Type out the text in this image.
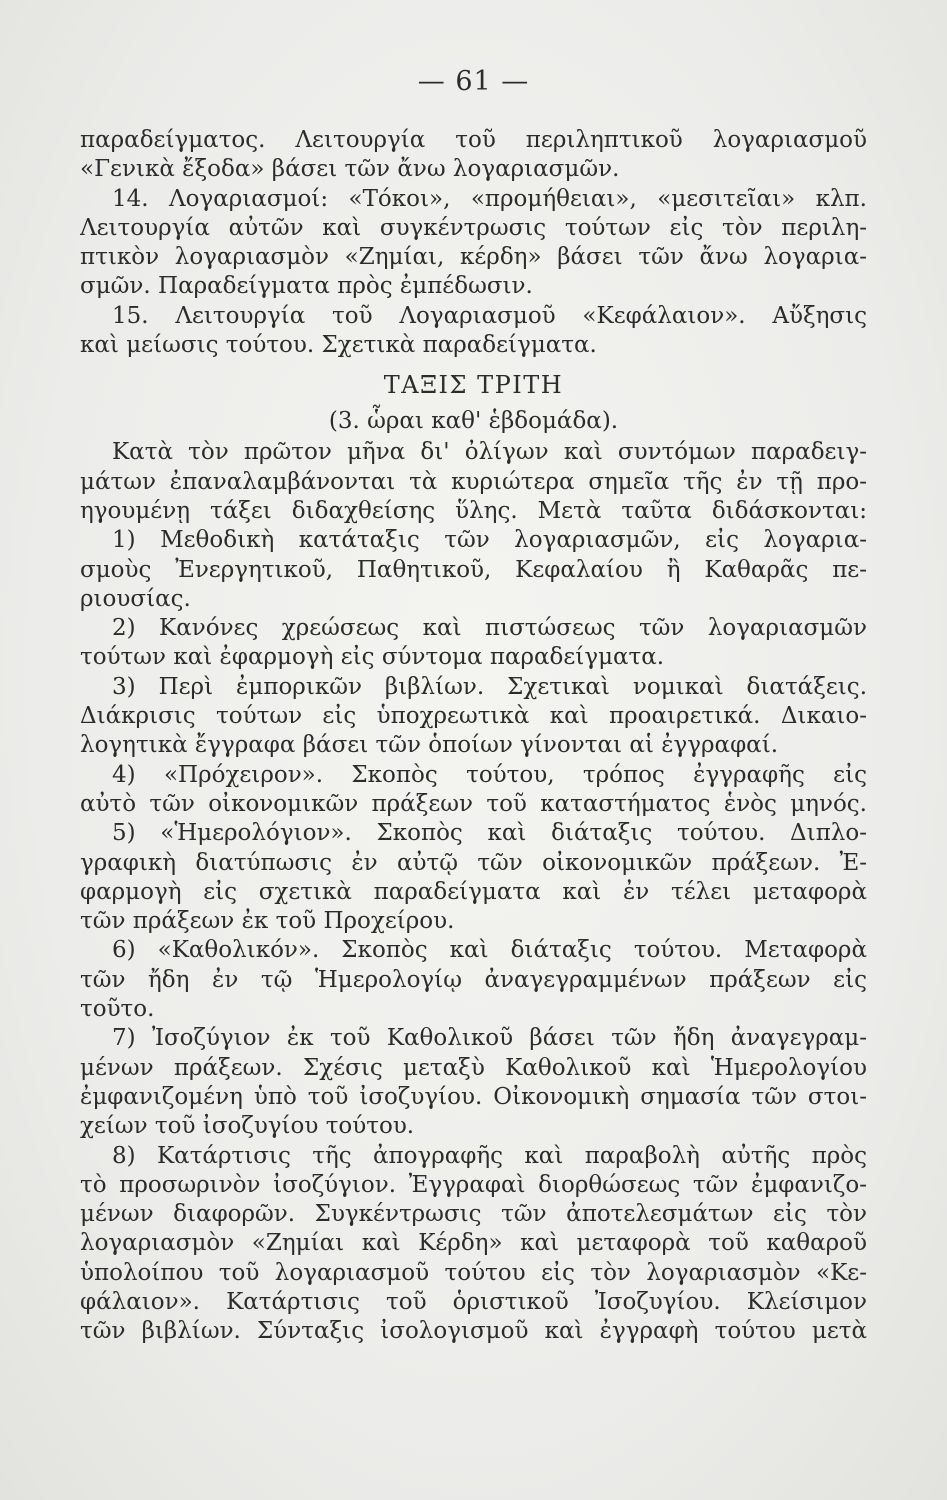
— 61 —
παραδείγματος. Λειτουργία τοῦ περιληπτικοῦ λογαριασμοῦ
«Γενικὰ ἔξοδα» βάσει τῶν ἄνω λογαριασμῶν.
14. Λογαριασμοί: «Τόκοι», «προμήθειαι», «μεσιτεῖαι» κλπ.
Λειτουργία αὐτῶν καὶ συγκέντρωσις τούτων εἰς τὸν περιλη-
πτικὸν λογαριασμὸν «Ζημίαι, κέρδη» βάσει τῶν ἄνω λογαρια-
σμῶν. Παραδείγματα πρὸς ἐμπέδωσιν.
15. Λειτουργία τοῦ Λογαριασμοῦ «Κεφάλαιον». Αὔξησις
καὶ μείωσις τούτου. Σχετικὰ παραδείγματα.
ΤΑΞΙΣ ΤΡΙΤΗ
(3. ὧραι καθ' ἑβδομάδα).
Κατὰ τὸν πρῶτον μῆνα δι' ὀλίγων καὶ συντόμων παραδειγ-
μάτων ἐπαναλαμβάνονται τὰ κυριώτερα σημεῖα τῆς ἐν τῇ προ-
ηγουμένῃ τάξει διδαχθείσης ὕλης. Μετὰ ταῦτα διδάσκονται:
1) Μεθοδικὴ κατάταξις τῶν λογαριασμῶν, εἰς λογαρια-
σμοὺς Ἐνεργητικοῦ, Παθητικοῦ, Κεφαλαίου ἢ Καθαρᾶς πε-
ριουσίας.
2) Κανόνες χρεώσεως καὶ πιστώσεως τῶν λογαριασμῶν
τούτων καὶ ἐφαρμογὴ εἰς σύντομα παραδείγματα.
3) Περὶ ἐμπορικῶν βιβλίων. Σχετικαὶ νομικαὶ διατάξεις.
Διάκρισις τούτων εἰς ὑποχρεωτικὰ καὶ προαιρετικά. Δικαιο-
λογητικὰ ἔγγραφα βάσει τῶν ὁποίων γίνονται αἱ ἐγγραφαί.
4) «Πρόχειρον». Σκοπὸς τούτου, τρόπος ἐγγραφῆς εἰς
αὐτὸ τῶν οἰκονομικῶν πράξεων τοῦ καταστήματος ἑνὸς μηνός.
5) «Ἡμερολόγιον». Σκοπὸς καὶ διάταξις τούτου. Διπλο-
γραφικὴ διατύπωσις ἐν αὐτῷ τῶν οἰκονομικῶν πράξεων. Ἐ-
φαρμογὴ εἰς σχετικὰ παραδείγματα καὶ ἐν τέλει μεταφορὰ
τῶν πράξεων ἐκ τοῦ Προχείρου.
6) «Καθολικόν». Σκοπὸς καὶ διάταξις τούτου. Μεταφορὰ
τῶν ἤδη ἐν τῷ Ἡμερολογίῳ ἀναγεγραμμένων πράξεων εἰς
τοῦτο.
7) Ἰσοζύγιον ἐκ τοῦ Καθολικοῦ βάσει τῶν ἤδη ἀναγεγραμ-
μένων πράξεων. Σχέσις μεταξὺ Καθολικοῦ καὶ Ἡμερολογίου
ἐμφανιζομένη ὑπὸ τοῦ ἰσοζυγίου. Οἰκονομικὴ σημασία τῶν στοι-
χείων τοῦ ἰσοζυγίου τούτου.
8) Κατάρτισις τῆς ἀπογραφῆς καὶ παραβολὴ αὐτῆς πρὸς
τὸ προσωρινὸν ἰσοζύγιον. Ἐγγραφαὶ διορθώσεως τῶν ἐμφανιζο-
μένων διαφορῶν. Συγκέντρωσις τῶν ἀποτελεσμάτων εἰς τὸν
λογαριασμὸν «Ζημίαι καὶ Κέρδη» καὶ μεταφορὰ τοῦ καθαροῦ
ὑπολοίπου τοῦ λογαριασμοῦ τούτου εἰς τὸν λογαριασμὸν «Κε-
φάλαιον». Κατάρτισις τοῦ ὁριστικοῦ Ἰσοζυγίου. Κλείσιμον
τῶν βιβλίων. Σύνταξις ἰσολογισμοῦ καὶ ἐγγραφὴ τούτου μετὰ
